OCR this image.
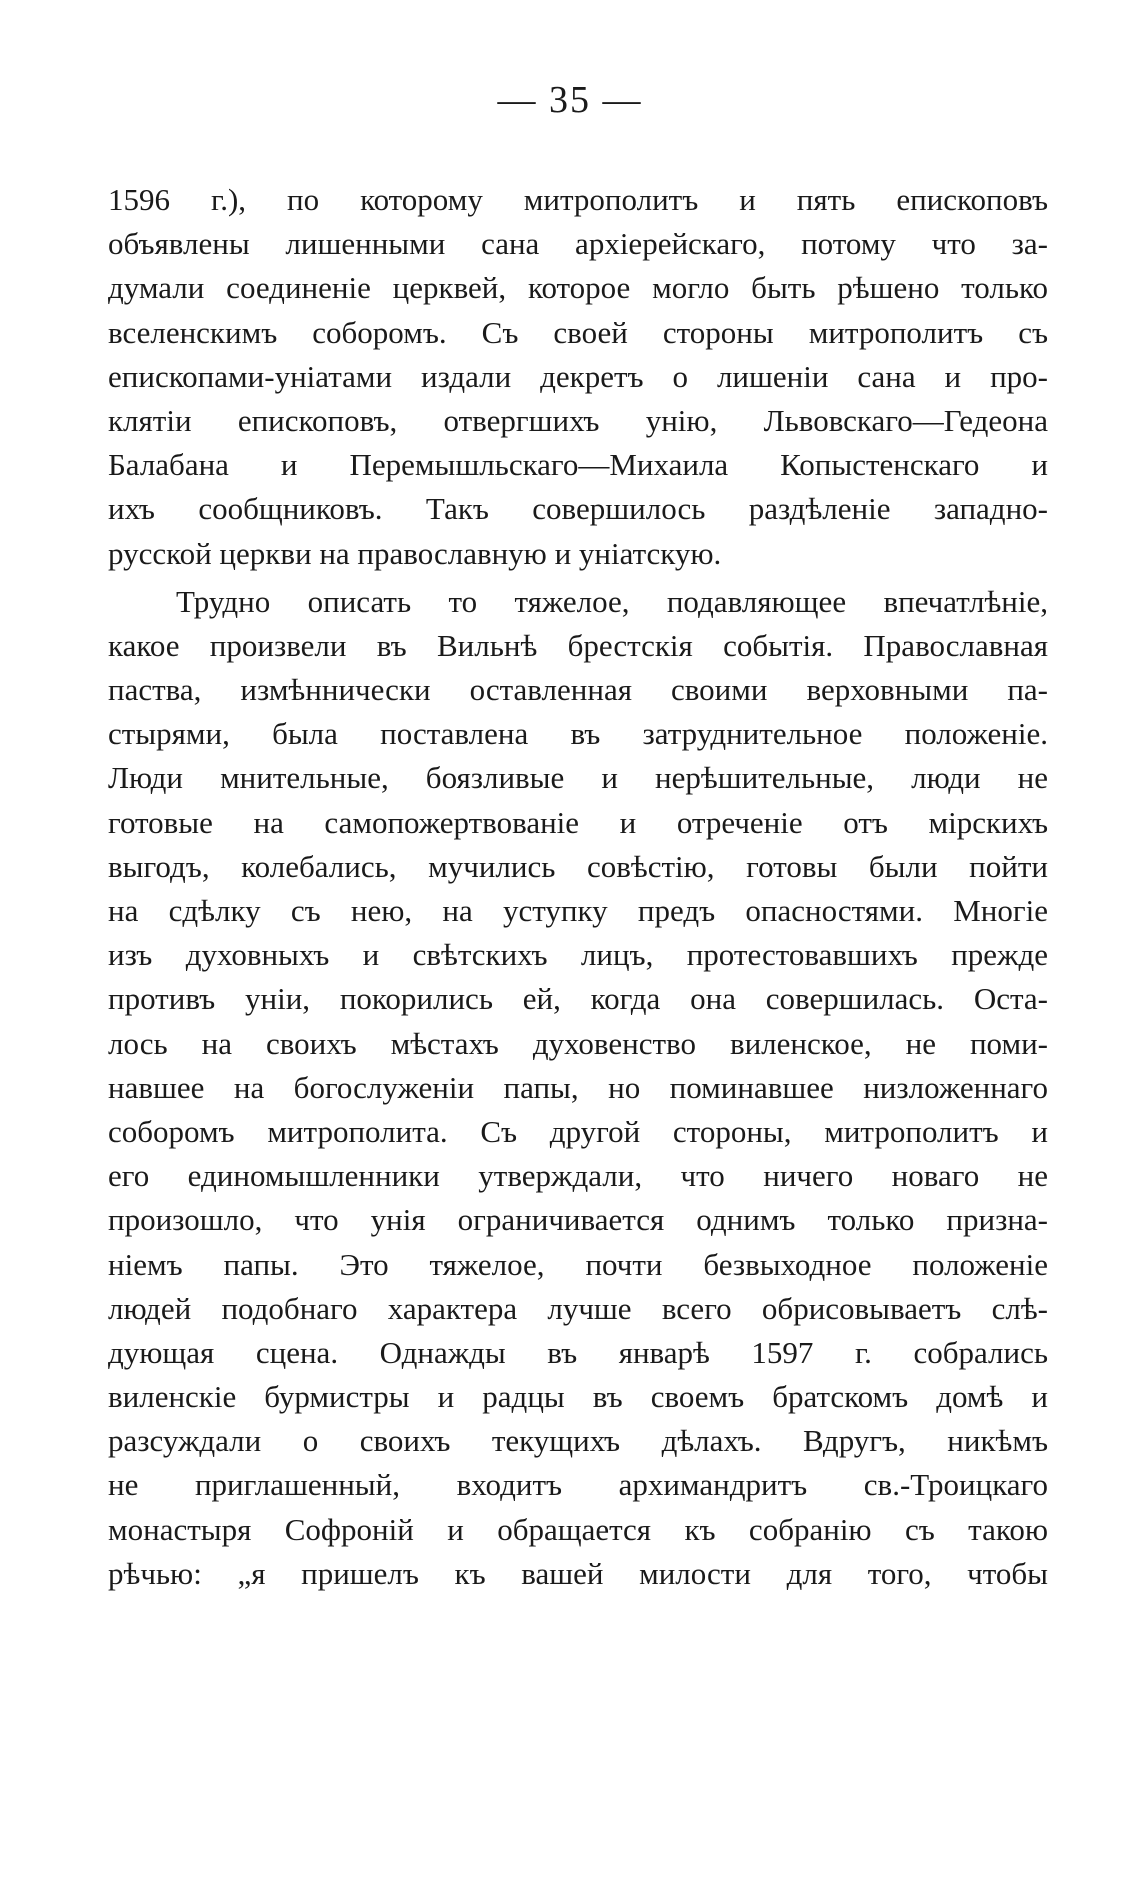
— 35 —
1596 г.), по которому митрополитъ и пять епископовъ
объявлены лишенными сана архіерейскаго, потому что за-
думали соединеніе церквей, которое могло быть рѣшено только
вселенскимъ соборомъ. Съ своей стороны митрополитъ съ
епископами-уніатами издали декретъ о лишеніи сана и про-
клятіи епископовъ, отвергшихъ унію, Львовскаго—Гедеона
Балабана и Перемышльскаго—Михаила Копыстенскаго и
ихъ сообщниковъ. Такъ совершилось раздѣленіе западно-
русской церкви на православную и уніатскую.
Трудно описать то тяжелое, подавляющее впечатлѣніе,
какое произвели въ Вильнѣ брестскія событія. Православная
паства, измѣннически оставленная своими верховными па-
стырями, была поставлена въ затруднительное положеніе.
Люди мнительные, боязливые и нерѣшительные, люди не
готовые на самопожертвованіе и отреченіе отъ мірскихъ
выгодъ, колебались, мучились совѣстію, готовы были пойти
на сдѣлку съ нею, на уступку предъ опасностями. Многіе
изъ духовныхъ и свѣтскихъ лицъ, протестовавшихъ прежде
противъ уніи, покорились ей, когда она совершилась. Оста-
лось на своихъ мѣстахъ духовенство виленское, не поми-
навшее на богослуженіи папы, но поминавшее низложеннаго
соборомъ митрополита. Съ другой стороны, митрополитъ и
его единомышленники утверждали, что ничего новаго не
произошло, что унія ограничивается однимъ только призна-
ніемъ папы. Это тяжелое, почти безвыходное положеніе
людей подобнаго характера лучше всего обрисовываетъ слѣ-
дующая сцена. Однажды въ январѣ 1597 г. собрались
виленскіе бурмистры и радцы въ своемъ братскомъ домѣ и
разсуждали о своихъ текущихъ дѣлахъ. Вдругъ, никѣмъ
не приглашенный, входитъ архимандритъ св.-Троицкаго
монастыря Софроній и обращается къ собранію съ такою
рѣчью: „я пришелъ къ вашей милости для того, чтобы
